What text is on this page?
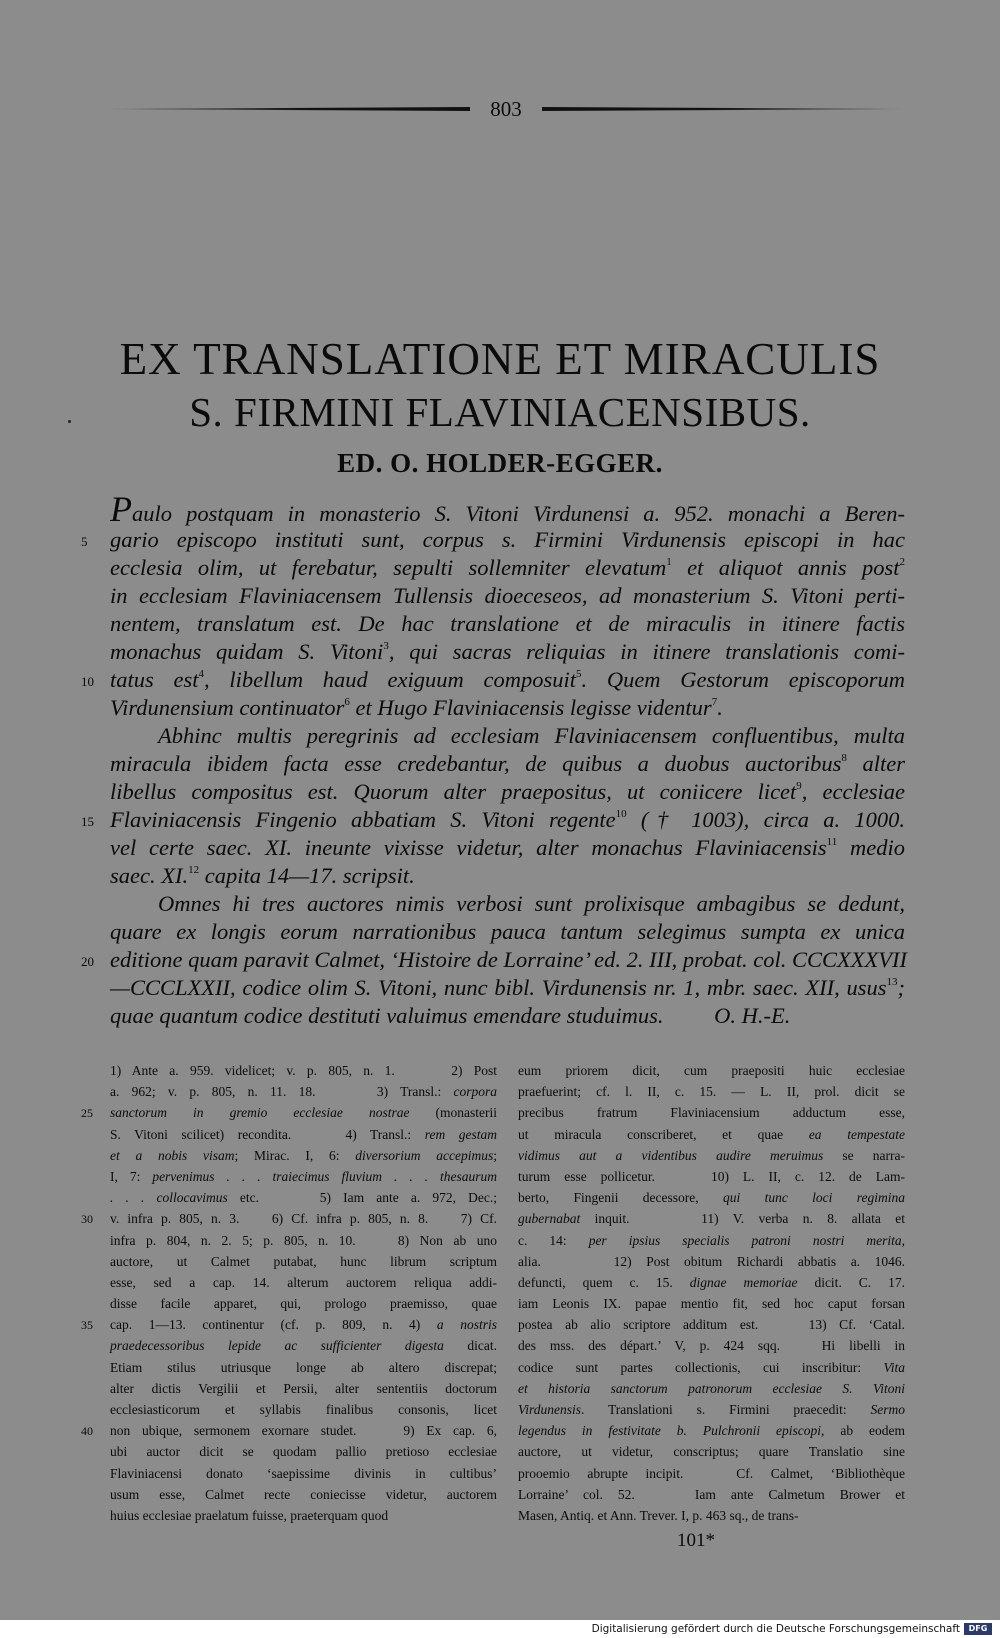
803
EX TRANSLATIONE ET MIRACULIS
S. FIRMINI FLAVINIACENSIBUS.
ED. O. HOLDER-EGGER.
Paulo postquam in monasterio S. Vitoni Virdunensi a. 952. monachi a Beren-
5 gario episcopo instituti sunt, corpus s. Firmini Virdunensis episcopi in hac
ecclesia olim, ut ferebatur, sepulti sollemniter elevatum$^1$ et aliquot annis post$^2$
in ecclesiam Flaviniacensem Tullensis dioeceseos, ad monasterium S. Vitoni perti-
nentem, translatum est. De hac translatione et de miraculis in itinere factis
monachus quidam S. Vitoni$^3$, qui sacras reliquias in itinere translationis comi-
10 tatus est$^4$, libellum haud exiguum composuit$^5$. Quem Gestorum episcoporum
Virdunensium continuator$^6$ et Hugo Flaviniacensis legisse videntur$^7$.
Abhinc multis peregrinis ad ecclesiam Flaviniacensem confluentibus, multa
miracula ibidem facta esse credebantur, de quibus a duobus auctoribus$^8$ alter
libellus compositus est. Quorum alter praepositus, ut coniicere licet$^9$, ecclesiae
15 Flaviniacensis Fingenio abbatiam S. Vitoni regente$^{10}$ († 1003), circa a. 1000.
vel certe saec. XI. ineunte vixisse videtur, alter monachus Flaviniacensis$^{11}$ medio
saec. XI.$^{12}$ capita 14—17. scripsit.
Omnes hi tres auctores nimis verbosi sunt prolixisque ambagibus se dedunt,
quare ex longis eorum narrationibus pauca tantum selegimus sumpta ex unica
20 editione quam paravit Calmet, ‘Histoire de Lorraine’ ed. 2. III, probat. col. CCCXXXVII
—CCCLXXII, codice olim S. Vitoni, nunc bibl. Virdunensis nr. 1, mbr. saec. XII, usus$^{13}$;
quae quantum codice destituti valuimus emendare studuimus.         O. H.-E.
1) Ante a. 959. videlicet; v. p. 805, n. 1.     2) Post
a. 962; v. p. 805, n. 11. 18.     3) Transl.: corpora
25 sanctorum in gremio ecclesiae nostrae (monasterii
S. Vitoni scilicet) recondita.    4) Transl.: rem gestam
et a nobis visam; Mirac. I, 6: diversorium accepimus;
I, 7: pervenimus . . . traiecimus fluvium . . . thesaurum
. . . collocavimus etc.     5) Iam ante a. 972, Dec.;
30 v. infra p. 805, n. 3.    6) Cf. infra p. 805, n. 8.    7) Cf.
infra p. 804, n. 2. 5; p. 805, n. 10.    8) Non ab uno
auctore, ut Calmet putabat, hunc librum scriptum
esse, sed a cap. 14. alterum auctorem reliqua addi-
disse facile apparet, qui, prologo praemisso, quae
35 cap. 1—13. continentur (cf. p. 809, n. 4) a nostris
praedecessoribus lepide ac sufficienter digesta dicat.
Etiam stilus utriusque longe ab altero discrepat;
alter dictis Vergilii et Persii, alter sententiis doctorum
ecclesiasticorum et syllabis finalibus consonis, licet
40 non ubique, sermonem exornare studet.    9) Ex cap. 6,
ubi auctor dicit se quodam pallio pretioso ecclesiae
Flaviniacensi donato ‘saepissime divinis in cultibus’
usum esse, Calmet recte coniecisse videtur, auctorem
huius ecclesiae praelatum fuisse, praeterquam quod
eum priorem dicit, cum praepositi huic ecclesiae
praefuerint; cf. l. II, c. 15. — L. II, prol. dicit se
precibus fratrum Flaviniacensium adductum esse,
ut miracula conscriberet, et quae ea tempestate
vidimus aut a videntibus audire meruimus se narra-
turum esse pollicetur.    10) L. II, c. 12. de Lam-
berto, Fingenii decessore, qui tunc loci regimina
gubernabat inquit.     11) V. verba n. 8. allata et
c. 14: per ipsius specialis patroni nostri merita,
alia.     12) Post obitum Richardi abbatis a. 1046.
defuncti, quem c. 15. dignae memoriae dicit. C. 17.
iam Leonis IX. papae mentio fit, sed hoc caput forsan
postea ab alio scriptore additum est.    13) Cf. ‘Catal.
des mss. des départ.’ V, p. 424 sqq.   Hi libelli in
codice sunt partes collectionis, cui inscribitur: Vita
et historia sanctorum patronorum ecclesiae S. Vitoni
Virdunensis. Translationi s. Firmini praecedit: Sermo
legendus in festivitate b. Pulchronii episcopi, ab eodem
auctore, ut videtur, conscriptus; quare Translatio sine
prooemio abrupte incipit.   Cf. Calmet, ‘Bibliothèque
Lorraine’ col. 52.    Iam ante Calmetum Brower et
Masen, Antiq. et Ann. Trever. I, p. 463 sq., de trans-
101*
Digitalisierung gefördert durch die Deutsche Forschungsgemeinschaft	DFG
